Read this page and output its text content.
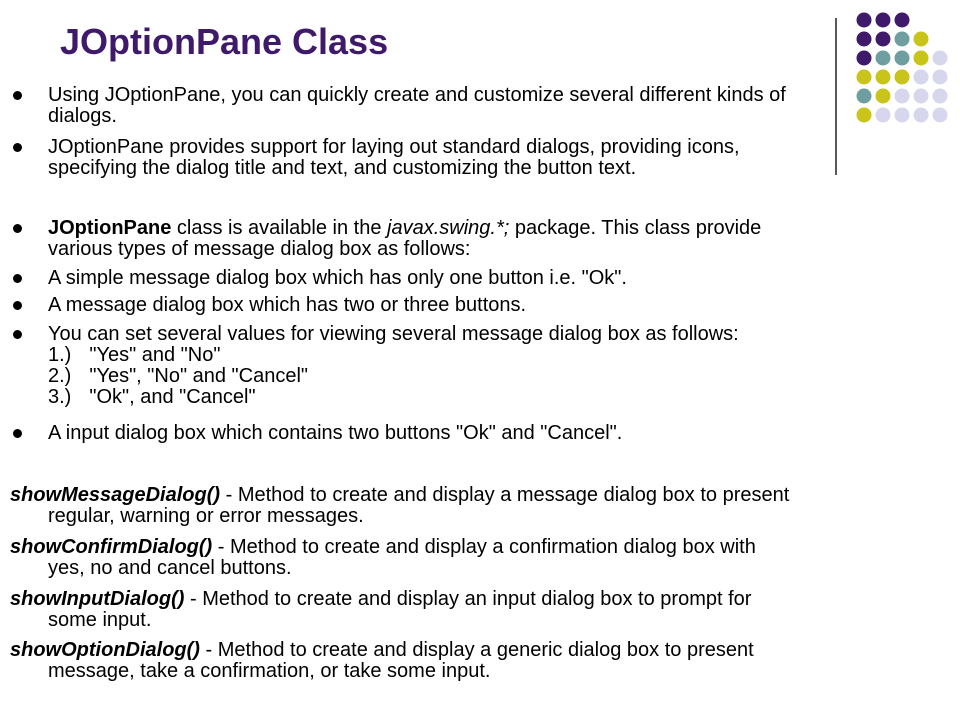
JOptionPane Class

Using JOptionPane, you can quickly create and customize several different kinds of
dialogs.

JOptionPane provides support for laying out standard dialogs, providing icons,
specifying the dialog title and text, and customizing the button text.

JOptionPane class is available in the javax.swing.*; package. This class provide
various types of message dialog box as follows:

A simple message dialog box which has only one button i.e. "Ok".

A message dialog box which has two or three buttons.

You can set several values for viewing several message dialog box as follows:
1.) "Yes" and "No"
2.) "Yes", "No" and "Cancel"
3.) "Ok", and "Cancel"

A input dialog box which contains two buttons "Ok" and "Cancel".

showMessageDialog() - Method to create and display a message dialog box to present
regular, warning or error messages.

showConfirmDialog() - Method to create and display a confirmation dialog box with
yes, no and cancel buttons.

showInputDialog() - Method to create and display an input dialog box to prompt for
some input.

showOptionDialog() - Method to create and display a generic dialog box to present
message, take a confirmation, or take some input.
